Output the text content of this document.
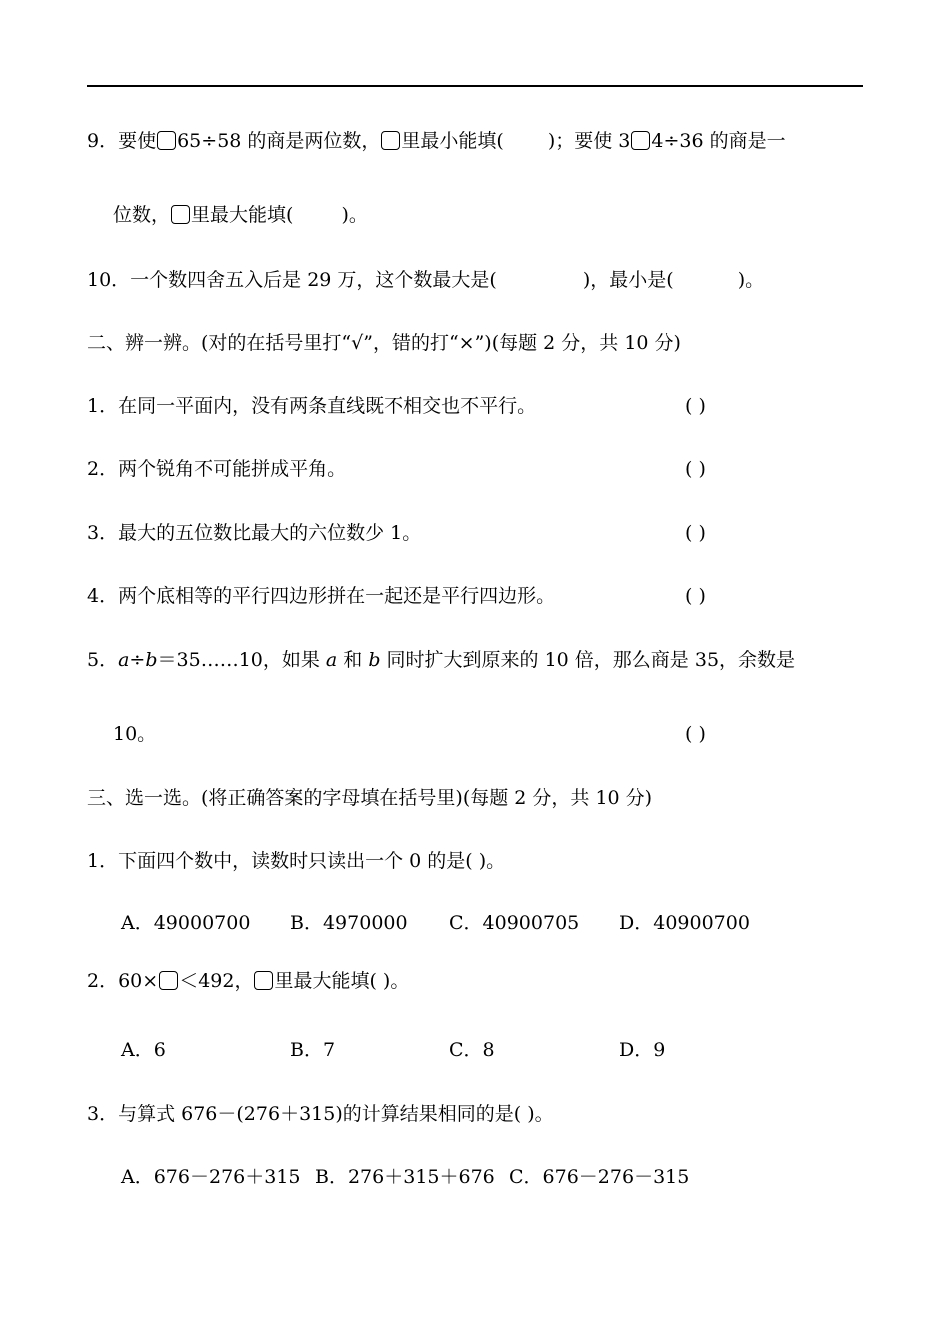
9．要使 65÷58 的商是两位数， 里最小能填( )；要使 3 4÷36 的商是一
位数， 里最大能填(	)。
10．一个数四舍五入后是 29 万，这个数最大是(	)，最小是(	)。
二、辨一辨。(对的在括号里打“√”，错的打“×”)(每题 2 分，共 10 分)
1．在同一平面内，没有两条直线既不相交也不平行。	( )
2．两个锐角不可能拼成平角。	( )
3．最大的五位数比最大的六位数少 1。	( )
4．两个底相等的平行四边形拼在一起还是平行四边形。	( )
5．a÷b＝35……10，如果 a 和 b 同时扩大到原来的 10 倍，那么商是 35，余数是
10。	( )
三、选一选。(将正确答案的字母填在括号里)(每题 2 分，共 10 分)
1．下面四个数中，读数时只读出一个 0 的是( )。
A．49000700 B．4970000 C．40900705 D．40900700
2．60× ＜492， 里最大能填( )。
A．6	B．7	C．8	D．9
3．与算式 676－(276＋315)的计算结果相同的是( )。
A．676－276＋315 B．276＋315＋676 C．676－276－315
